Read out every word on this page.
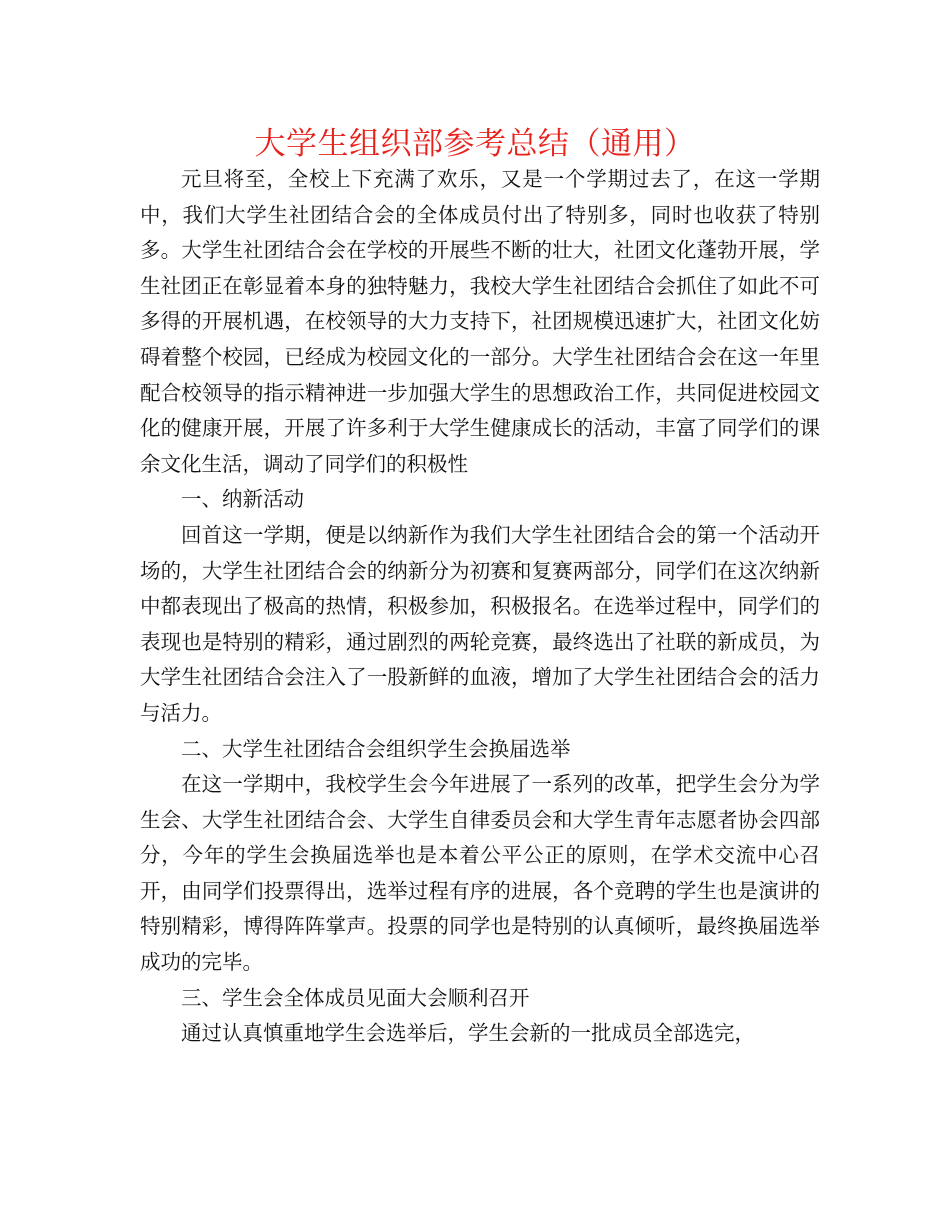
大学生组织部参考总结（通用）

元旦将至，全校上下充满了欢乐，又是一个学期过去了，在这一学期中，我们大学生社团结合会的全体成员付出了特别多，同时也收获了特别多。大学生社团结合会在学校的开展些不断的壮大，社团文化蓬勃开展，学生社团正在彰显着本身的独特魅力，我校大学生社团结合会抓住了如此不可多得的开展机遇，在校领导的大力支持下，社团规模迅速扩大，社团文化妨碍着整个校园，已经成为校园文化的一部分。大学生社团结合会在这一年里配合校领导的指示精神进一步加强大学生的思想政治工作，共同促进校园文化的健康开展，开展了许多利于大学生健康成长的活动，丰富了同学们的课余文化生活，调动了同学们的积极性

一、纳新活动

回首这一学期，便是以纳新作为我们大学生社团结合会的第一个活动开场的，大学生社团结合会的纳新分为初赛和复赛两部分，同学们在这次纳新中都表现出了极高的热情，积极参加，积极报名。在选举过程中，同学们的表现也是特别的精彩，通过剧烈的两轮竞赛，最终选出了社联的新成员，为大学生社团结合会注入了一股新鲜的血液，增加了大学生社团结合会的活力与活力。

二、大学生社团结合会组织学生会换届选举

在这一学期中，我校学生会今年进展了一系列的改革，把学生会分为学生会、大学生社团结合会、大学生自律委员会和大学生青年志愿者协会四部分，今年的学生会换届选举也是本着公平公正的原则，在学术交流中心召开，由同学们投票得出，选举过程有序的进展，各个竞聘的学生也是演讲的特别精彩，博得阵阵掌声。投票的同学也是特别的认真倾听，最终换届选举成功的完毕。

三、学生会全体成员见面大会顺利召开

通过认真慎重地学生会选举后，学生会新的一批成员全部选完，
